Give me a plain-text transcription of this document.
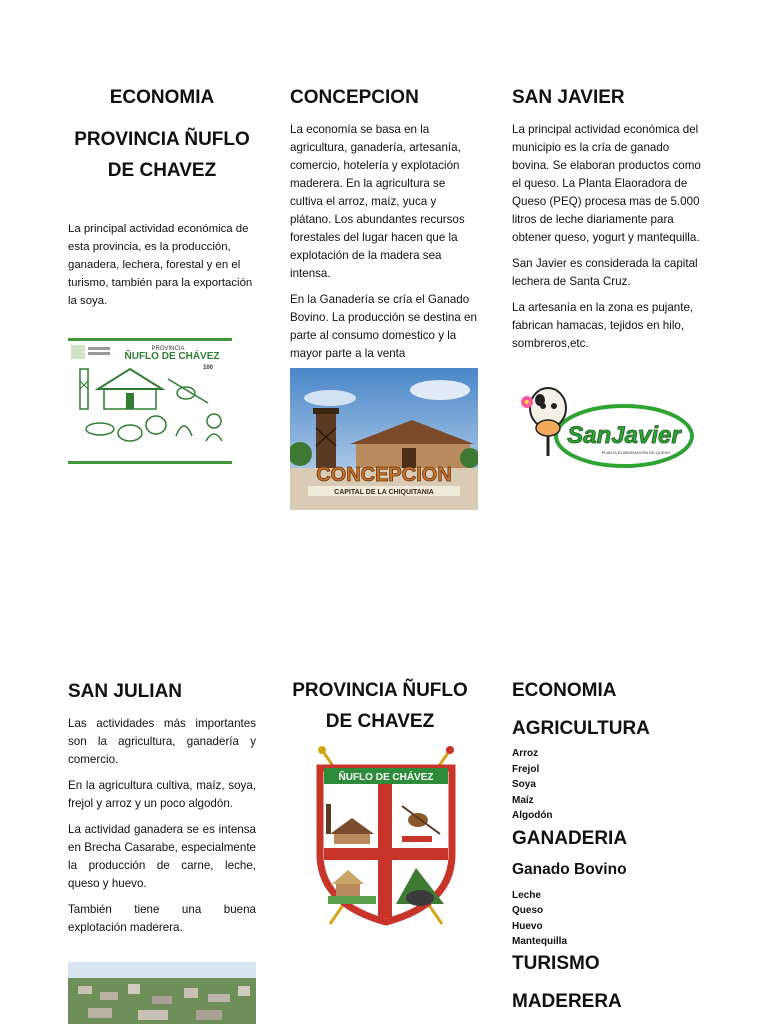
ECONOMIA
PROVINCIA ÑUFLO
DE CHAVEZ

La principal actividad económica de esta provincia, es la producción, ganadera, lechera, forestal y en el turismo, también para la exportación la soya.

PROVINCIA
ÑUFLO DE CHÁVEZ
100
CONCEPCION

La economía se basa en la agricultura, ganadería, artesanía, comercio, hotelería y explotación maderera. En la agricultura se cultiva el arroz, maíz, yuca y plátano. Los abundantes recursos forestales del lugar hacen que la explotación de la madera sea intensa.

En la Ganadería se cría el Ganado Bovino. La producción se destina en parte al consumo domestico y la mayor parte a la venta

CONCEPCION
CAPITAL DE LA CHIQUITANIA
SAN JAVIER

La principal actividad económica del municipio es la cría de ganado bovina. Se elaboran productos como el queso. La Planta Elaoradora de Queso (PEQ) procesa mas de 5.000 litros de leche diariamente para obtener queso, yogurt y mantequilla.

San Javier es considerada la capital lechera de Santa Cruz.

La artesanía en la zona es pujante, fabrican hamacas, tejidos en hilo, sombreros,etc.

SanJavier
PLANTA ELABORADORA DE QUESO
SAN JULIAN

Las actividades más importantes son la agricultura, ganadería y comercio.

En la agricultura cultiva, maíz, soya, frejol y arroz y un poco algodón.

La actividad ganadera se es intensa en Brecha Casarabe, especialmente la producción de carne, leche, queso y huevo.

También tiene una buena explotación maderera.

PROVINCIA ÑUFLO
DE CHAVEZ
ÑUFLO DE CHÁVEZ
ECONOMIA
AGRICULTURA
Arroz
Frejol
Soya
Maíz
Algodón
GANADERIA
Ganado Bovino
Leche
Queso
Huevo
Mantequilla
TURISMO
MADERERA
